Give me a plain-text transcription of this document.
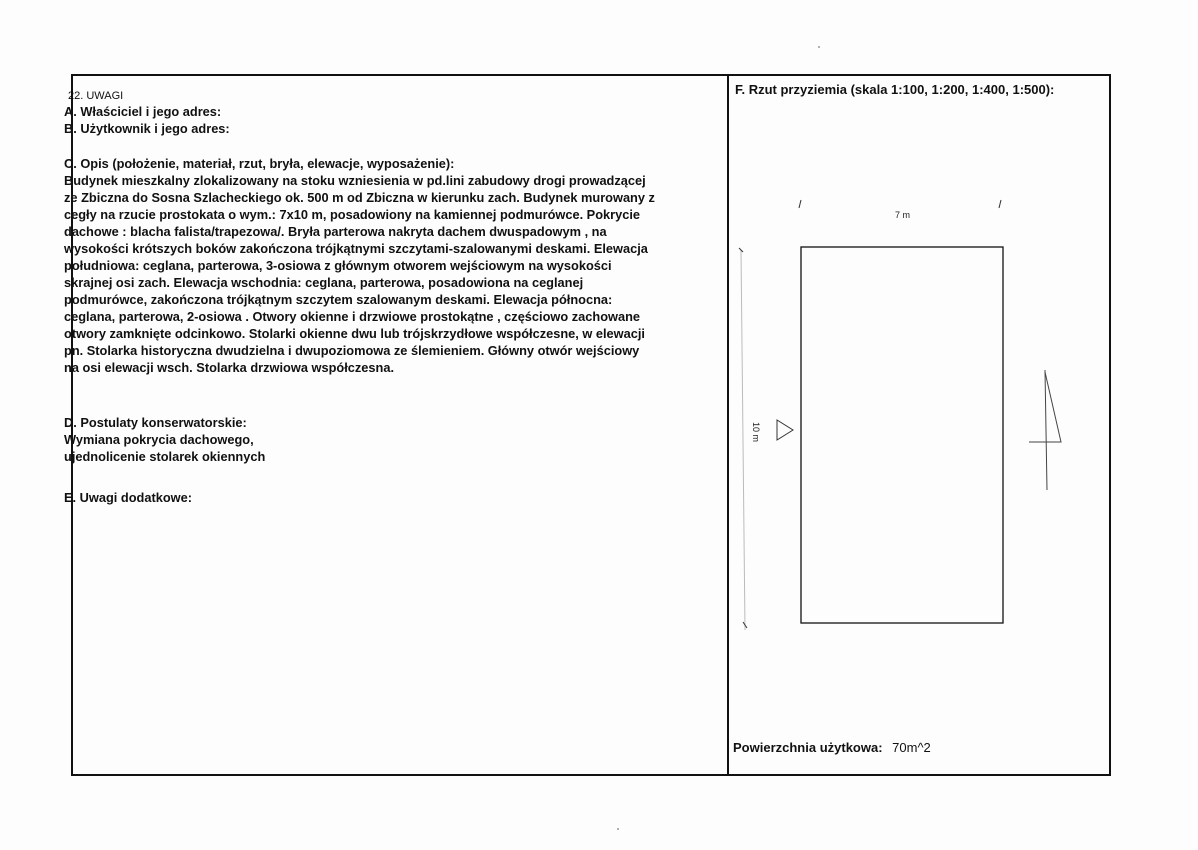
22. UWAGI
A. Właściciel i jego adres:
B. Użytkownik i jego adres:
C. Opis (położenie, materiał, rzut, bryła, elewacje, wyposażenie):
Budynek mieszkalny zlokalizowany na stoku wzniesienia w pd.lini zabudowy drogi prowadzącej
ze Zbiczna do Sosna Szlacheckiego ok. 500 m od Zbiczna w kierunku zach. Budynek murowany z
cegły na rzucie prostokata o wym.: 7x10 m, posadowiony na kamiennej podmurówce. Pokrycie
dachowe : blacha falista/trapezowa/. Bryła parterowa nakryta dachem dwuspadowym , na
wysokości krótszych boków zakończona trójkątnymi szczytami-szalowanymi deskami. Elewacja
południowa: ceglana, parterowa, 3-osiowa z głównym otworem wejściowym na wysokości
skrajnej osi zach. Elewacja wschodnia: ceglana, parterowa, posadowiona na ceglanej
podmurówce, zakończona trójkątnym szczytem szalowanym deskami. Elewacja północna:
ceglana, parterowa, 2-osiowa . Otwory okienne i drzwiowe prostokątne , częściowo zachowane
otwory zamknięte odcinkowo. Stolarki okienne dwu lub trójskrzydłowe współczesne, w elewacji
pn. Stolarka historyczna dwudzielna i dwupoziomowa ze ślemieniem. Główny otwór wejściowy
na osi elewacji wsch. Stolarka drzwiowa współczesna.
D. Postulaty konserwatorskie:
Wymiana pokrycia dachowego,
ujednolicenie stolarek okiennych
E. Uwagi dodatkowe:
F. Rzut przyziemia (skala 1:100, 1:200, 1:400, 1:500):
7 m
10 m
Powierzchnia użytkowa: 70m^2
